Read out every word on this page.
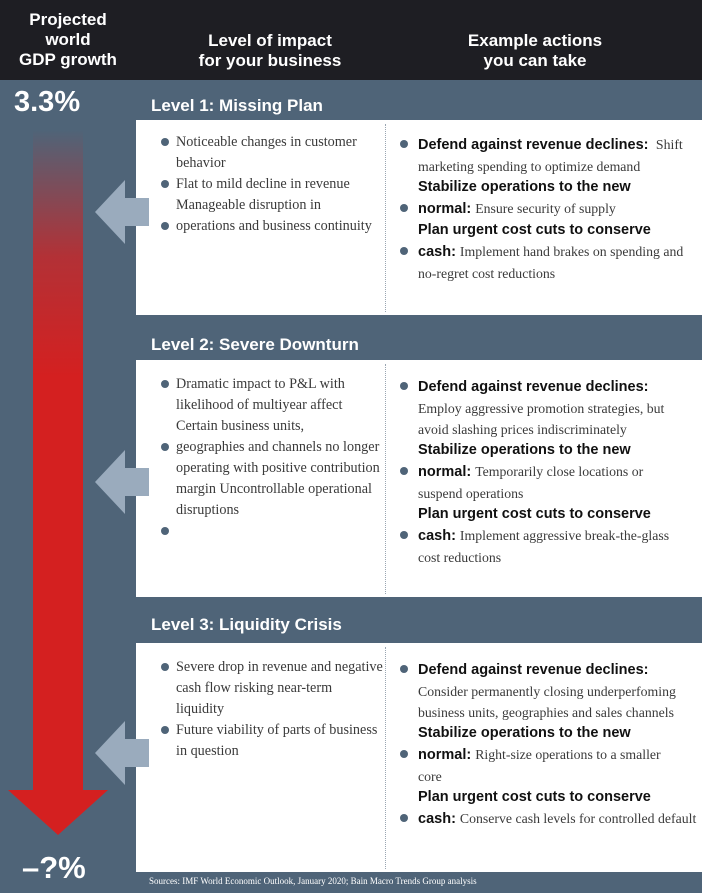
Projected
world
GDP growth
Level of impact
for your business
Example actions
you can take
3.3%
–?%
Level 1: Missing Plan
Level 2: Severe Downturn
Level 3: Liquidity Crisis
Noticeable changes in customer behavior
Flat to mild decline in revenue Manageable disruption in
operations and business continuity
Defend against revenue declines:  Shift
marketing spending to optimize demand
Stabilize operations to the new
normal: Ensure security of supply
Plan urgent cost cuts to conserve
cash: Implement hand brakes on spending and
no-regret cost reductions
Dramatic impact to P&L with likelihood of multiyear affect Certain business units,
geographies and channels no longer operating with positive contribution margin Uncontrollable operational disruptions
Defend against revenue declines:
Employ aggressive promotion strategies, but
avoid slashing prices indiscriminately
Stabilize operations to the new
normal: Temporarily close locations or
suspend operations
Plan urgent cost cuts to conserve
cash: Implement aggressive break-the-glass
cost reductions
Severe drop in revenue and negative cash flow risking near-term liquidity
Future viability of parts of business in question
Defend against revenue declines:
Consider permanently closing underperfoming
business units, geographies and sales channels
Stabilize operations to the new
normal: Right-size operations to a smaller
core
Plan urgent cost cuts to conserve
cash: Conserve cash levels for controlled default
Sources: IMF World Economic Outlook, January 2020; Bain Macro Trends Group analysis
